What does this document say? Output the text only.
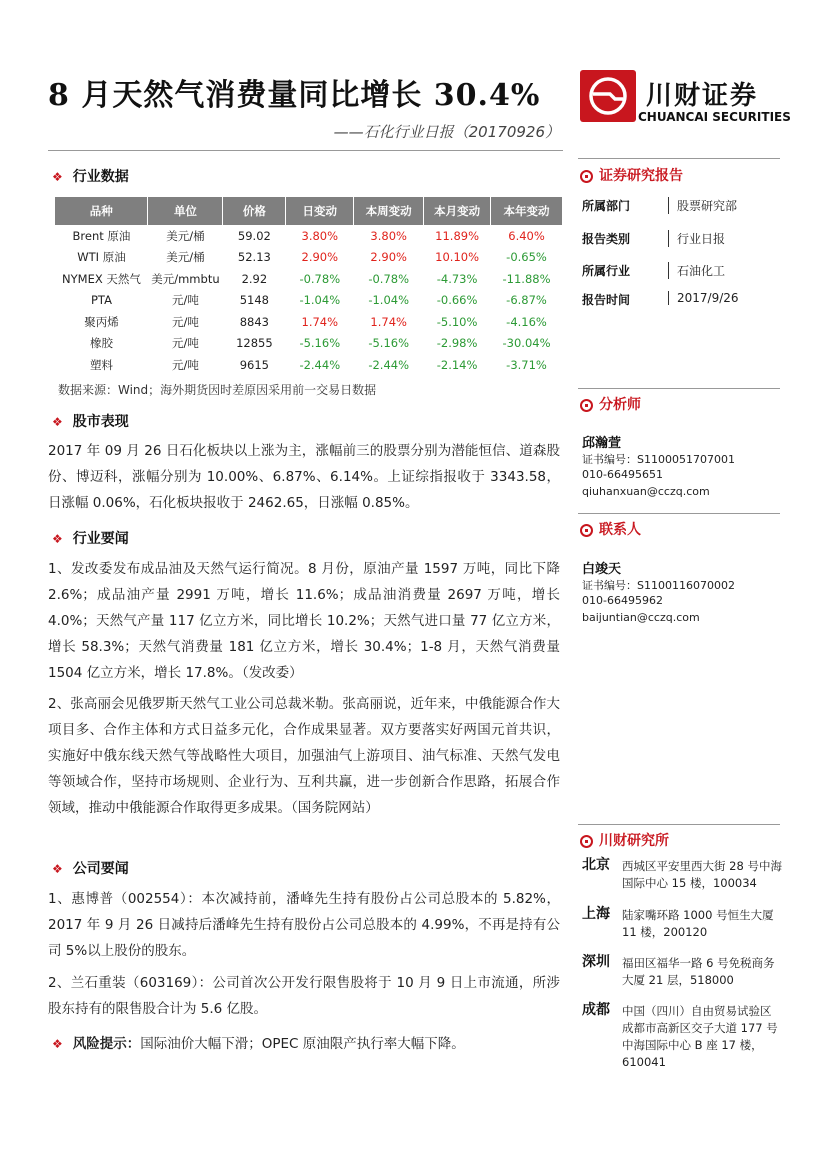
8 月天然气消费量同比增长 30.4%
——石化行业日报（20170926）
川财证券
CHUANCAI SECURITIES
❖ 行业数据
品种	单位	价格	日变动	本周变动	本月变动	本年变动
Brent 原油	美元/桶	59.02	3.80%	3.80%	11.89%	6.40%
WTI 原油	美元/桶	52.13	2.90%	2.90%	10.10%	-0.65%
NYMEX 天然气	美元/mmbtu	2.92	-0.78%	-0.78%	-4.73%	-11.88%
PTA	元/吨	5148	-1.04%	-1.04%	-0.66%	-6.87%
聚丙烯	元/吨	8843	1.74%	1.74%	-5.10%	-4.16%
橡胶	元/吨	12855	-5.16%	-5.16%	-2.98%	-30.04%
塑料	元/吨	9615	-2.44%	-2.44%	-2.14%	-3.71%
数据来源：Wind；海外期货因时差原因采用前一交易日数据
❖ 股市表现

2017 年 09 月 26 日石化板块以上涨为主，涨幅前三的股票分别为潜能恒信、道森股份、博迈科，涨幅分别为 10.00%、6.87%、6.14%。上证综指报收于 3343.58，日涨幅 0.06%，石化板块报收于 2462.65，日涨幅 0.85%。

❖ 行业要闻

1、发改委发布成品油及天然气运行简况。8 月份，原油产量 1597 万吨，同比下降 2.6%；成品油产量 2991 万吨，增长 11.6%；成品油消费量 2697 万吨，增长 4.0%；天然气产量 117 亿立方米，同比增长 10.2%；天然气进口量 77 亿立方米，增长 58.3%；天然气消费量 181 亿立方米，增长 30.4%；1-8 月，天然气消费量 1504 亿立方米，增长 17.8%。（发改委）

2、张高丽会见俄罗斯天然气工业公司总裁米勒。张高丽说，近年来，中俄能源合作大项目多、合作主体和方式日益多元化，合作成果显著。双方要落实好两国元首共识，实施好中俄东线天然气等战略性大项目，加强油气上游项目、油气标准、天然气发电等领域合作，坚持市场规则、企业行为、互利共赢，进一步创新合作思路，拓展合作领域，推动中俄能源合作取得更多成果。（国务院网站）

❖ 公司要闻

1、惠博普（002554）：本次减持前，潘峰先生持有股份占公司总股本的 5.82%，2017 年 9 月 26 日减持后潘峰先生持有股份占公司总股本的 4.99%，不再是持有公司 5%以上股份的股东。

2、兰石重装（603169）：公司首次公开发行限售股将于 10 月 9 日上市流通，所涉股东持有的限售股合计为 5.6 亿股。

❖ 风险提示：国际油价大幅下滑；OPEC 原油限产执行率大幅下降。
证券研究报告
所属部门	股票研究部
报告类别	行业日报
所属行业	石油化工
报告时间	2017/9/26
分析师
邱瀚萱
证书编号：S1100051707001
010-66495651
qiuhanxuan@cczq.com
联系人
白竣天
证书编号：S1100116070002
010-66495962
baijuntian@cczq.com
川财研究所
北京 西城区平安里西大街 28 号中海国际中心 15 楼，100034
上海 陆家嘴环路 1000 号恒生大厦 11 楼，200120
深圳 福田区福华一路 6 号免税商务大厦 21 层，518000
成都 中国（四川）自由贸易试验区成都市高新区交子大道 177 号中海国际中心 B 座 17 楼，610041
